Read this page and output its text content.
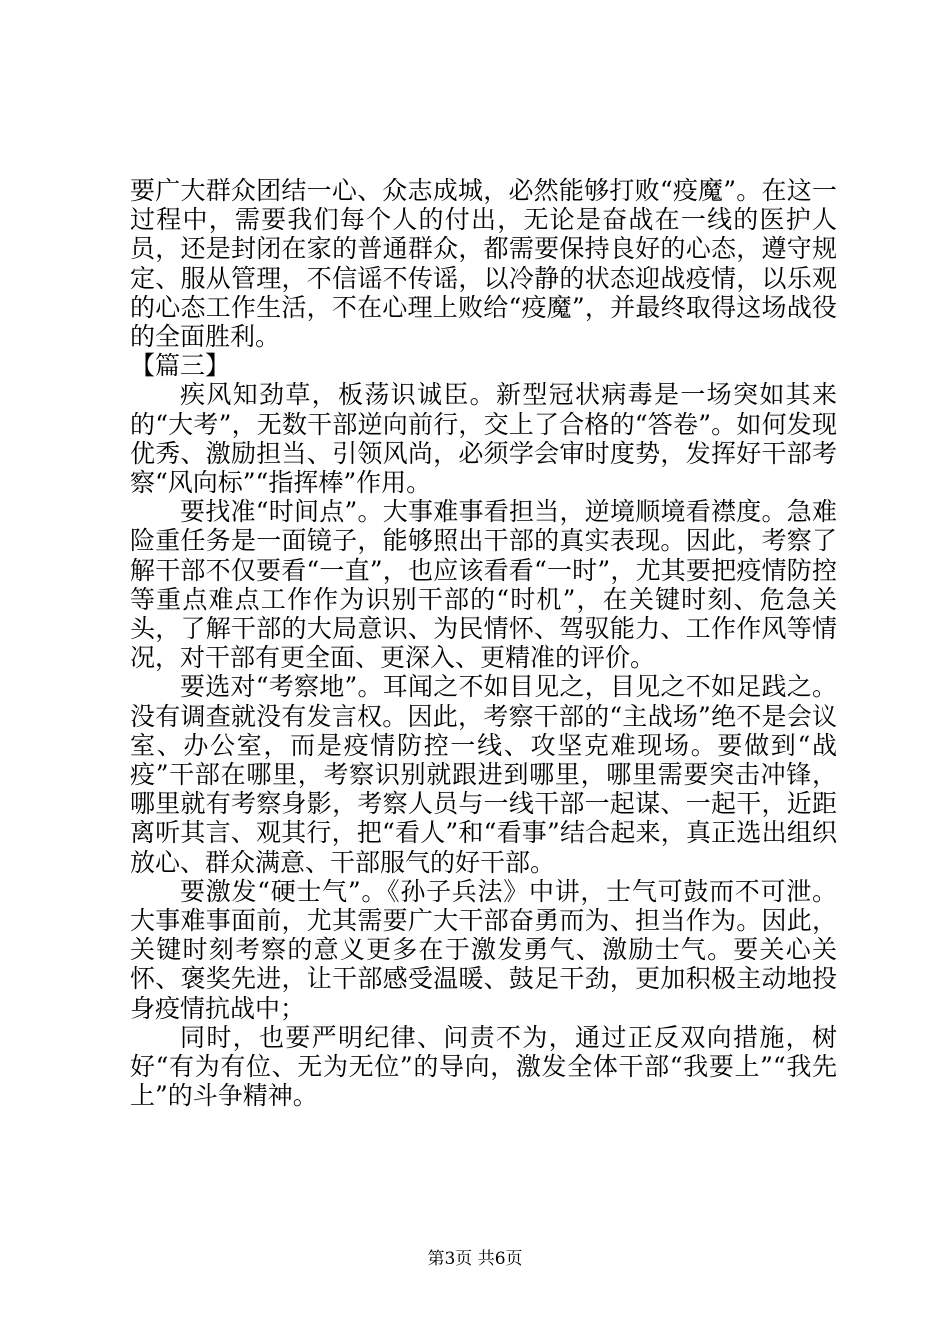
要广大群众团结一心、众志成城，必然能够打败“疫魔”。在这一过程中，需要我们每个人的付出，无论是奋战在一线的医护人员，还是封闭在家的普通群众，都需要保持良好的心态，遵守规定、服从管理，不信谣不传谣，以冷静的状态迎战疫情，以乐观的心态工作生活，不在心理上败给“疫魔”，并最终取得这场战役的全面胜利。

【篇三】

疾风知劲草，板荡识诚臣。新型冠状病毒是一场突如其来的“大考”，无数干部逆向前行，交上了合格的“答卷”。如何发现优秀、激励担当、引领风尚，必须学会审时度势，发挥好干部考察“风向标”“指挥棒”作用。

要找准“时间点”。大事难事看担当，逆境顺境看襟度。急难险重任务是一面镜子，能够照出干部的真实表现。因此，考察了解干部不仅要看“一直”，也应该看看“一时”，尤其要把疫情防控等重点难点工作作为识别干部的“时机”，在关键时刻、危急关头，了解干部的大局意识、为民情怀、驾驭能力、工作作风等情况，对干部有更全面、更深入、更精准的评价。

要选对“考察地”。耳闻之不如目见之，目见之不如足践之。没有调查就没有发言权。因此，考察干部的“主战场”绝不是会议室、办公室，而是疫情防控一线、攻坚克难现场。要做到“战疫”干部在哪里，考察识别就跟进到哪里，哪里需要突击冲锋，哪里就有考察身影，考察人员与一线干部一起谋、一起干，近距离听其言、观其行，把“看人”和“看事”结合起来，真正选出组织放心、群众满意、干部服气的好干部。

要激发“硬士气”。《孙子兵法》中讲，士气可鼓而不可泄。大事难事面前，尤其需要广大干部奋勇而为、担当作为。因此，关键时刻考察的意义更多在于激发勇气、激励士气。要关心关怀、褒奖先进，让干部感受温暖、鼓足干劲，更加积极主动地投身疫情抗战中；

同时，也要严明纪律、问责不为，通过正反双向措施，树好“有为有位、无为无位”的导向，激发全体干部“我要上”“我先上”的斗争精神。

第3页 共6页
